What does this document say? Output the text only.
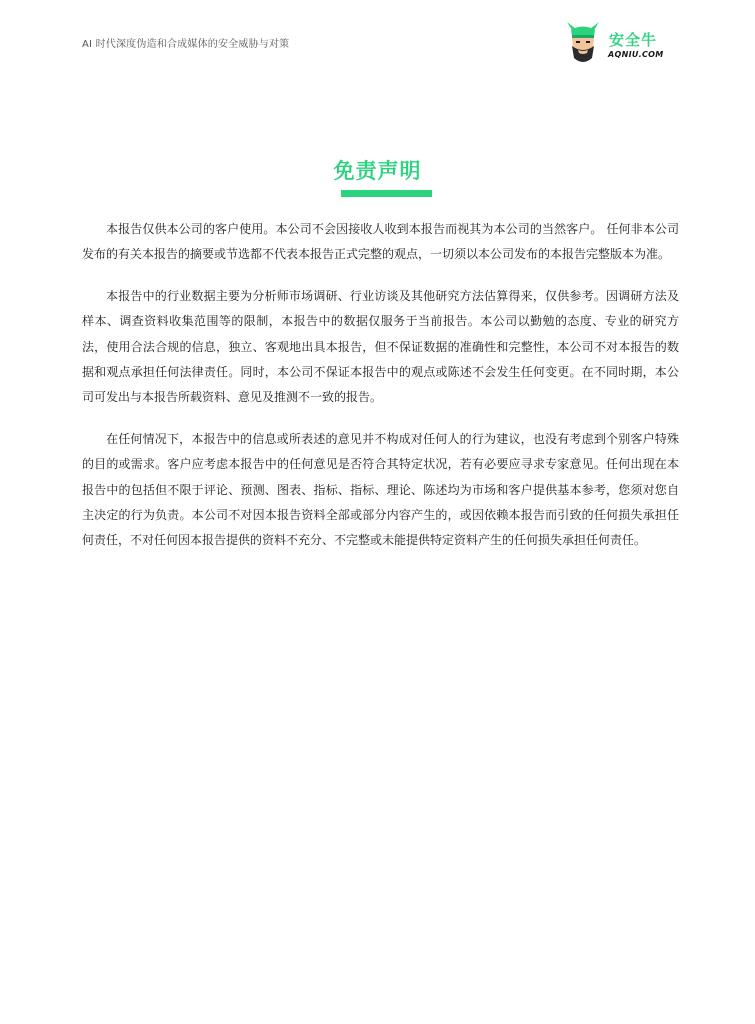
AI 时代深度伪造和合成媒体的安全威胁与对策	安全牛
AQNIU.COM
免责声明

本报告仅供本公司的客户使用。本公司不会因接收人收到本报告而视其为本公司的当然客户。 任何非本公司发布的有关本报告的摘要或节选都不代表本报告正式完整的观点，一切须以本公司发布的本报告完整版本为准。

本报告中的行业数据主要为分析师市场调研、行业访谈及其他研究方法估算得来，仅供参考。因调研方法及样本、调查资料收集范围等的限制，本报告中的数据仅服务于当前报告。本公司以勤勉的态度、专业的研究方法，使用合法合规的信息，独立、客观地出具本报告，但不保证数据的准确性和完整性，本公司不对本报告的数据和观点承担任何法律责任。同时，本公司不保证本报告中的观点或陈述不会发生任何变更。在不同时期，本公司可发出与本报告所载资料、意见及推测不一致的报告。

在任何情况下，本报告中的信息或所表述的意见并不构成对任何人的行为建议，也没有考虑到个别客户特殊的目的或需求。客户应考虑本报告中的任何意见是否符合其特定状况，若有必要应寻求专家意见。任何出现在本报告中的包括但不限于评论、预测、图表、指标、指标、理论、陈述均为市场和客户提供基本参考，您须对您自主决定的行为负责。本公司不对因本报告资料全部或部分内容产生的，或因依赖本报告而引致的任何损失承担任何责任，不对任何因本报告提供的资料不充分、不完整或未能提供特定资料产生的任何损失承担任何责任。
